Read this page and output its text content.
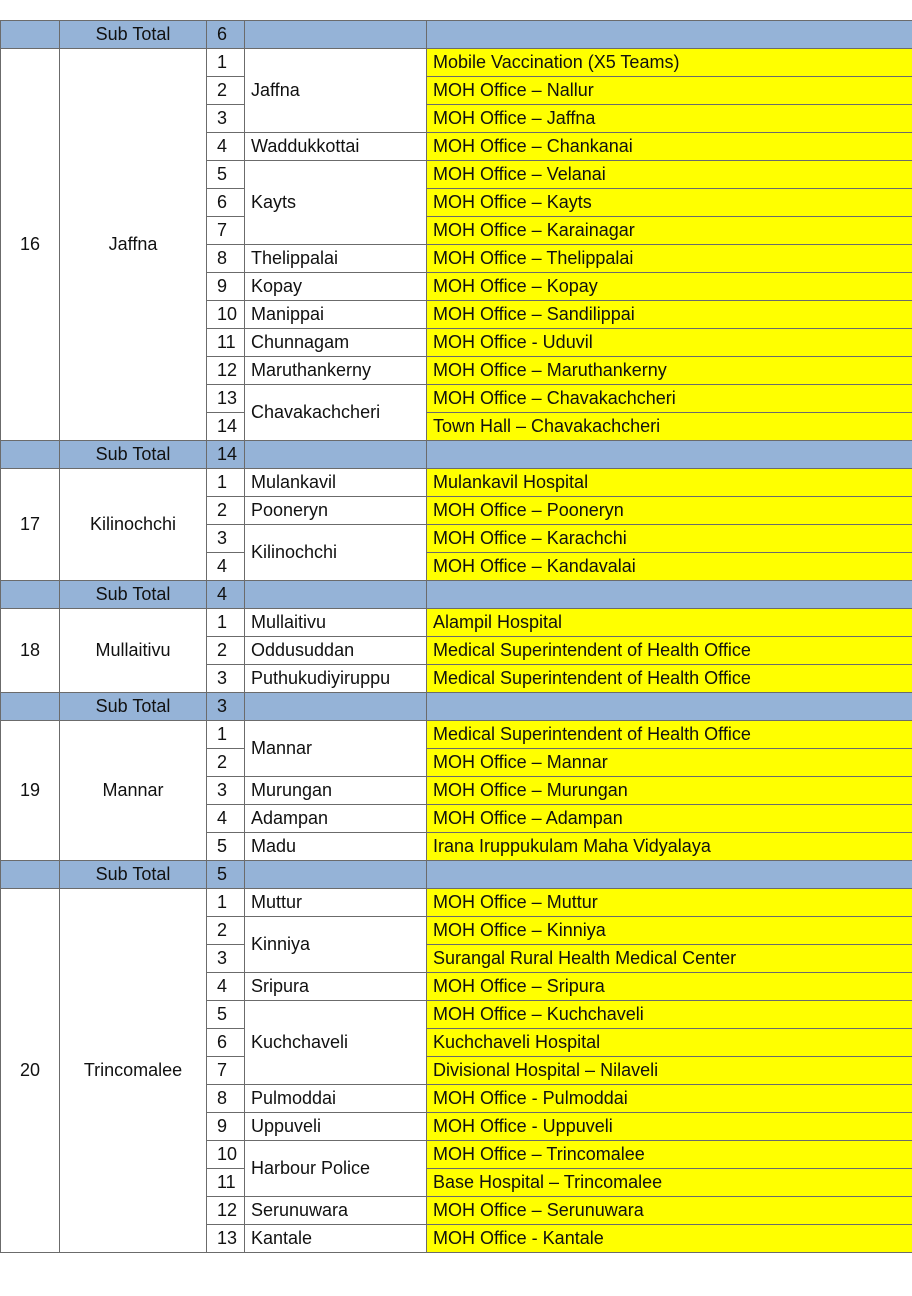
	Sub Total	6		
16	Jaffna	1	Jaffna	Mobile Vaccination (X5 Teams)
		2		MOH Office – Nallur
		3		MOH Office – Jaffna
		4	Waddukkottai	MOH Office – Chankanai
		5	Kayts	MOH Office – Velanai
		6		MOH Office – Kayts
		7		MOH Office – Karainagar
		8	Thelippalai	MOH Office – Thelippalai
		9	Kopay	MOH Office – Kopay
		10	Manippai	MOH Office – Sandilippai
		11	Chunnagam	MOH Office - Uduvil
		12	Maruthankerny	MOH Office – Maruthankerny
		13	Chavakachcheri	MOH Office – Chavakachcheri
		14		Town Hall – Chavakachcheri
	Sub Total	14		
17	Kilinochchi	1	Mulankavil	Mulankavil Hospital
		2	Pooneryn	MOH Office – Pooneryn
		3	Kilinochchi	MOH Office – Karachchi
		4		MOH Office – Kandavalai
	Sub Total	4		
18	Mullaitivu	1	Mullaitivu	Alampil Hospital
		2	Oddusuddan	Medical Superintendent of Health Office
		3	Puthukudiyiruppu	Medical Superintendent of Health Office
	Sub Total	3		
19	Mannar	1	Mannar	Medical Superintendent of Health Office
		2		MOH Office – Mannar
		3	Murungan	MOH Office – Murungan
		4	Adampan	MOH Office – Adampan
		5	Madu	Irana Iruppukulam Maha Vidyalaya
	Sub Total	5		
20	Trincomalee	1	Muttur	MOH Office – Muttur
		2	Kinniya	MOH Office – Kinniya
		3		Surangal Rural Health Medical Center
		4	Sripura	MOH Office – Sripura
		5	Kuchchaveli	MOH Office – Kuchchaveli
		6		Kuchchaveli Hospital
		7		Divisional Hospital – Nilaveli
		8	Pulmoddai	MOH Office - Pulmoddai
		9	Uppuveli	MOH Office - Uppuveli
		10	Harbour Police	MOH Office – Trincomalee
		11		Base Hospital – Trincomalee
		12	Serunuwara	MOH Office – Serunuwara
		13	Kantale	MOH Office - Kantale
